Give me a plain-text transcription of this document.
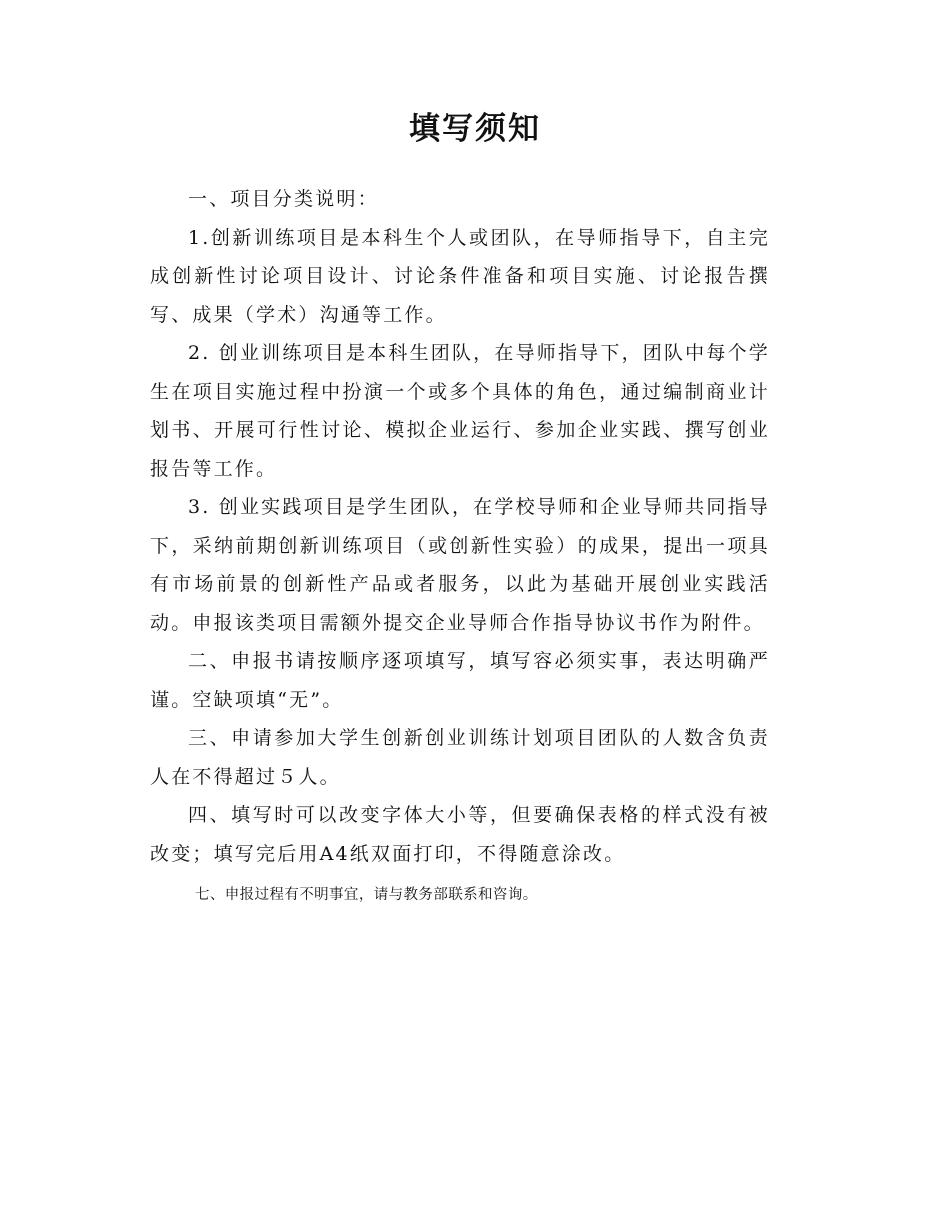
填写须知

一、项目分类说明：

1.创新训练项目是本科生个人或团队，在导师指导下，自主完成创新性讨论项目设计、讨论条件准备和项目实施、讨论报告撰写、成果（学术）沟通等工作。

2. 创业训练项目是本科生团队，在导师指导下，团队中每个学生在项目实施过程中扮演一个或多个具体的角色，通过编制商业计划书、开展可行性讨论、模拟企业运行、参加企业实践、撰写创业报告等工作。

3. 创业实践项目是学生团队，在学校导师和企业导师共同指导下，采纳前期创新训练项目（或创新性实验）的成果，提出一项具有市场前景的创新性产品或者服务，以此为基础开展创业实践活动。申报该类项目需额外提交企业导师合作指导协议书作为附件。

二、申报书请按顺序逐项填写，填写容必须实事，表达明确严谨。空缺项填“无”。

三、申请参加大学生创新创业训练计划项目团队的人数含负责人在不得超过５人。

四、填写时可以改变字体大小等，但要确保表格的样式没有被改变；填写完后用A4纸双面打印，不得随意涂改。

七、申报过程有不明事宜，请与教务部联系和咨询。
